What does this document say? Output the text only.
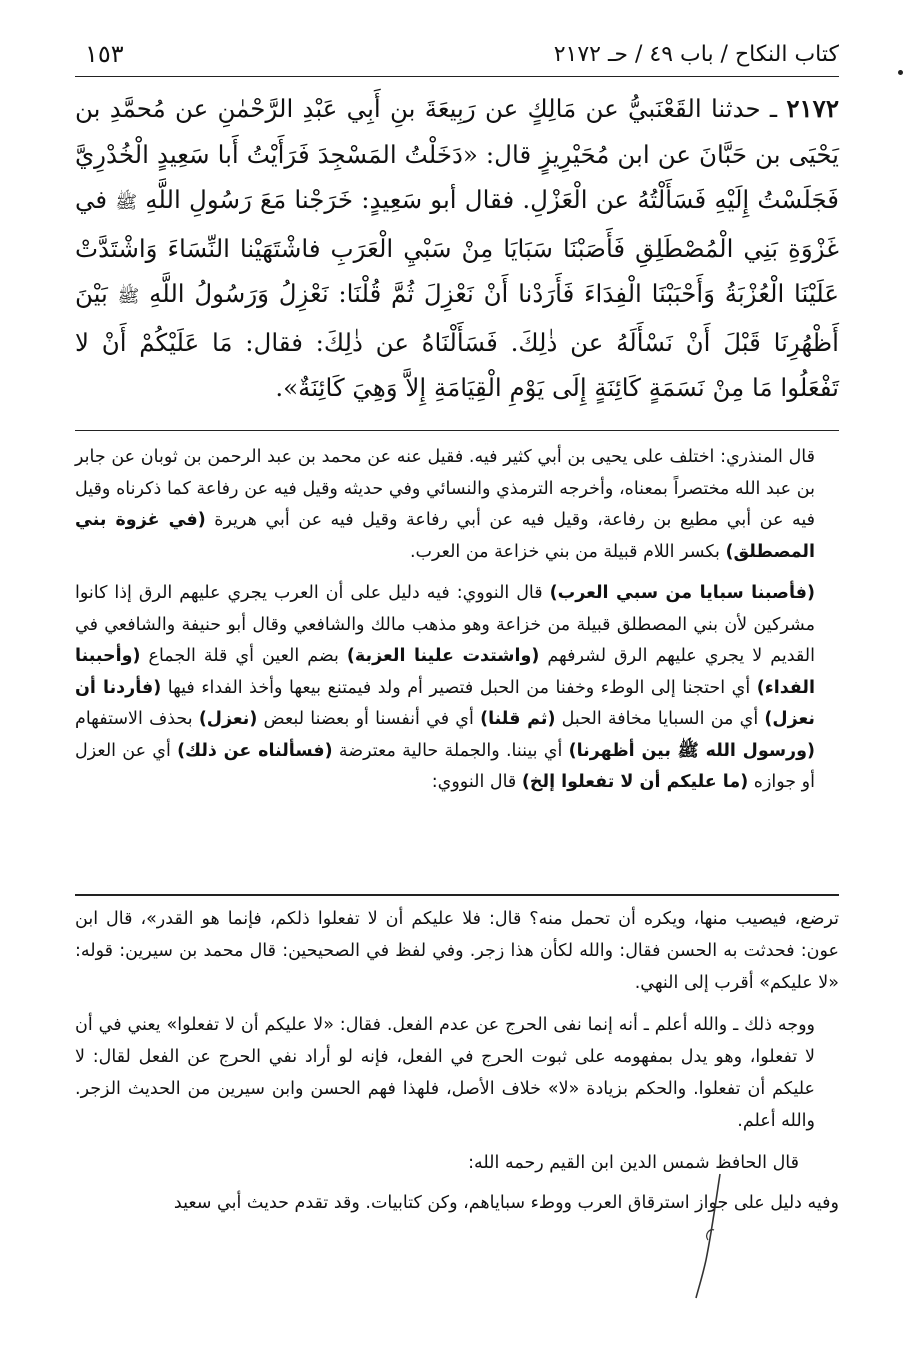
١٥٣	كتاب النكاح / باب ٤٩ / حـ ٢١٧٢
٢١٧٢ ـ حدثنا القَعْنَبيُّ عن مَالِكٍ عن رَبِيعَةَ بنِ أَبِي عَبْدِ الرَّحْمٰنِ عن مُحمَّدِ بن يَحْيَى بن حَبَّانَ عن ابن مُحَيْرِيزٍ قال: «دَخَلْتُ المَسْجِدَ فَرَأَيْتُ أَبا سَعِيدٍ الْخُدْرِيَّ فَجَلَسْتُ إِلَيْهِ فَسَأَلْتُهُ عن الْعَزْلِ. فقال أبو سَعِيدٍ: خَرَجْنا مَعَ رَسُولِ اللَّهِ ﷺ في غَزْوَةِ بَنِي الْمُصْطَلِقِ فَأَصَبْنَا سَبَايَا مِنْ سَبْيِ الْعَرَبِ فاشْتَهَيْنا النِّسَاءَ وَاشْتَدَّتْ عَلَيْنَا الْعُزْبَةُ وَأَحْبَبْنَا الْفِدَاءَ فَأَرَدْنا أَنْ نَعْزِلَ ثُمَّ قُلْنَا: نَعْزِلُ وَرَسُولُ اللَّهِ ﷺ بَيْنَ أَظْهُرِنَا قَبْلَ أَنْ نَسْأَلَهُ عن ذٰلِكَ. فَسَأَلْنَاهُ عن ذٰلِكَ: فقال: مَا عَلَيْكُمْ أَنْ لا تَفْعَلُوا مَا مِنْ نَسَمَةٍ كَائِنَةٍ إِلَى يَوْمِ الْقِيَامَةِ إِلاَّ وَهِيَ كَائِنَةٌ».

قال المنذري: اختلف على يحيى بن أبي كثير فيه. فقيل عنه عن محمد بن عبد الرحمن بن ثوبان عن جابر بن عبد الله مختصراً بمعناه، وأخرجه الترمذي والنسائي وفي حديثه وقيل فيه عن رفاعة كما ذكرناه وقيل فيه عن أبي مطيع بن رفاعة، وقيل فيه عن أبي رفاعة وقيل فيه عن أبي هريرة (في غزوة بني المصطلق) بكسر اللام قبيلة من بني خزاعة من العرب.

(فأصبنا سبايا من سبي العرب) قال النووي: فيه دليل على أن العرب يجري عليهم الرق إذا كانوا مشركين لأن بني المصطلق قبيلة من خزاعة وهو مذهب مالك والشافعي وقال أبو حنيفة والشافعي في القديم لا يجري عليهم الرق لشرفهم (واشتدت علينا العزبة) بضم العين أي قلة الجماع (وأحببنا الفداء) أي احتجنا إلى الوطء وخفنا من الحبل فتصير أم ولد فيمتنع بيعها وأخذ الفداء فيها (فأردنا أن نعزل) أي من السبايا مخافة الحبل (ثم قلنا) أي في أنفسنا أو بعضنا لبعض (نعزل) بحذف الاستفهام (ورسول الله ﷺ بين أظهرنا) أي بيننا. والجملة حالية معترضة (فسألناه عن ذلك) أي عن العزل أو جوازه (ما عليكم أن لا تفعلوا إلخ) قال النووي:

ترضع، فيصيب منها، ويكره أن تحمل منه؟ قال: فلا عليكم أن لا تفعلوا ذلكم، فإنما هو القدر»، قال ابن عون: فحدثت به الحسن فقال: والله لكأن هذا زجر. وفي لفظ في الصحيحين: قال محمد بن سيرين: قوله: «لا عليكم» أقرب إلى النهي.

ووجه ذلك ـ والله أعلم ـ أنه إنما نفى الحرج عن عدم الفعل. فقال: «لا عليكم أن لا تفعلوا» يعني في أن لا تفعلوا، وهو يدل بمفهومه على ثبوت الحرج في الفعل، فإنه لو أراد نفي الحرج عن الفعل لقال: لا عليكم أن تفعلوا. والحكم بزيادة «لا» خلاف الأصل، فلهذا فهم الحسن وابن سيرين من الحديث الزجر. والله أعلم.

قال الحافظ شمس الدين ابن القيم رحمه الله:

وفيه دليل على جواز استرقاق العرب ووطء سباياهم، وكن كتابيات. وقد تقدم حديث أبي سعيد
